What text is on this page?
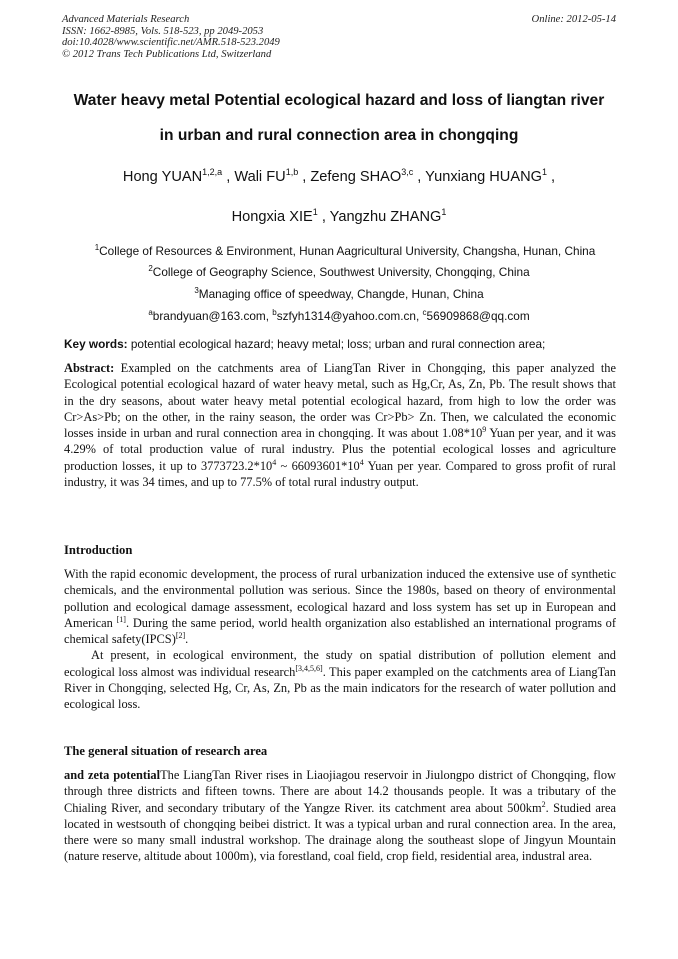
Advanced Materials Research
ISSN: 1662-8985, Vols. 518-523, pp 2049-2053
doi:10.4028/www.scientific.net/AMR.518-523.2049
© 2012 Trans Tech Publications Ltd, Switzerland
Online: 2012-05-14
Water heavy metal Potential ecological hazard and loss of liangtan river
in urban and rural connection area in chongqing
Hong YUAN$^{1,2,a}$ , Wali FU$^{1,b}$ , Zefeng SHAO$^{3,c}$ , Yunxiang HUANG$^1$ ,
Hongxia XIE$^1$ , Yangzhu ZHANG$^1$
$^1$College of Resources & Environment, Hunan Aagricultural University, Changsha, Hunan, China
$^2$College of Geography Science, Southwest University, Chongqing, China
$^3$Managing office of speedway, Changde, Hunan, China
$^a$brandyuan@163.com, $^b$szfyh1314@yahoo.com.cn, $^c$56909868@qq.com
Key words: potential ecological hazard; heavy metal; loss; urban and rural connection area;

Abstract: Exampled on the catchments area of LiangTan River in Chongqing, this paper analyzed the Ecological potential ecological hazard of water heavy metal, such as Hg,Cr, As, Zn, Pb. The result shows that in the dry seasons, about water heavy metal potential ecological hazard, from high to low the order was Cr>As>Pb; on the other, in the rainy season, the order was Cr>Pb> Zn. Then, we calculated the economic losses inside in urban and rural connection area in chongqing. It was about $1.08*10^9$ Yuan per year, and it was 4.29% of total production value of rural industry. Plus the potential ecological losses and agriculture production losses, it up to $3773723.2*10^4$ ~ $66093601*10^4$ Yuan per year. Compared to gross profit of rural industry, it was 34 times, and up to 77.5% of total rural industry output.

Introduction

With the rapid economic development, the process of rural urbanization induced the extensive use of synthetic chemicals, and the environmental pollution was serious. Since the 1980s, based on theory of environmental pollution and ecological damage assessment, ecological hazard and loss system has set up in European and American [1]. During the same period, world health organization also established an international programs of chemical safety(IPCS)[2].

At present, in ecological environment, the study on spatial distribution of pollution element and ecological loss almost was individual research[3,4,5,6]. This paper exampled on the catchments area of LiangTan River in Chongqing, selected Hg, Cr, As, Zn, Pb as the main indicators for the research of water pollution and ecological loss.

The general situation of research area

and zeta potentialThe LiangTan River rises in Liaojiagou reservoir in Jiulongpo district of Chongqing, flow through three districts and fifteen towns. There are about 14.2 thousands people. It was a tributary of the Chialing River, and secondary tributary of the Yangze River. its catchment area about $500km^2$. Studied area located in westsouth of chongqing beibei district. It was a typical urban and rural connection area. In the area, there were so many small industral workshop. The drainage along the southeast slope of Jingyun Mountain (nature reserve, altitude about 1000m), via forestland, coal field, crop field, residential area, industral area.
